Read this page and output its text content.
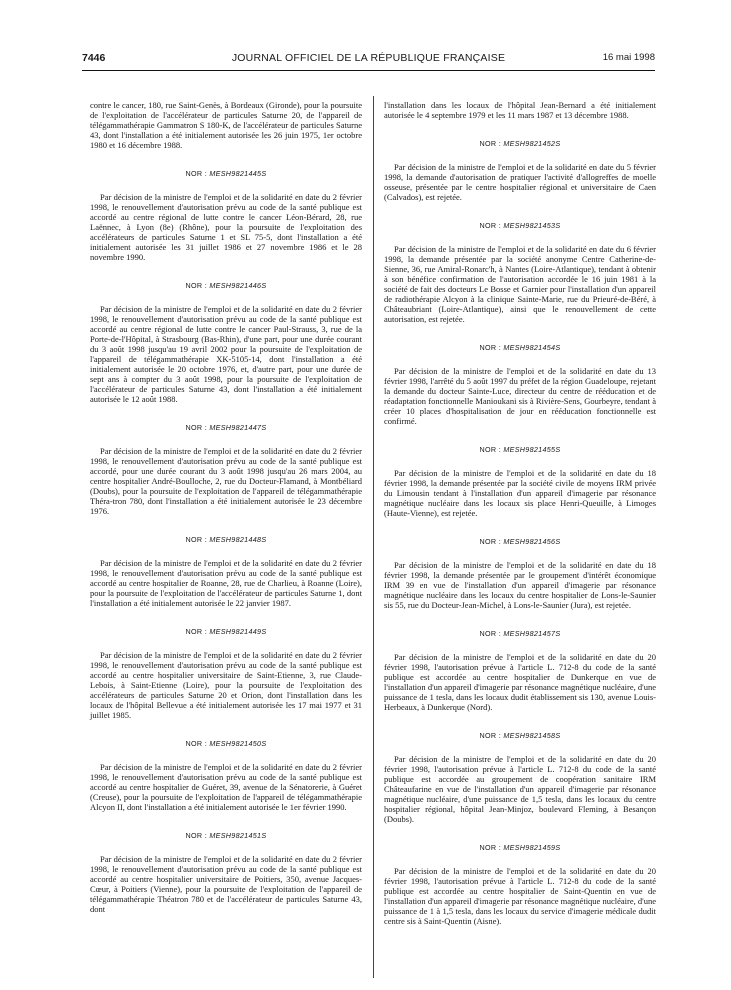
7446	JOURNAL OFFICIEL DE LA RÉPUBLIQUE FRANÇAISE	16 mai 1998

contre le cancer, 180, rue Saint-Genès, à Bordeaux (Gironde), pour la poursuite de l'exploitation de l'accélérateur de particules Saturne 20, de l'appareil de télégammathérapie Gammatron S 180-K, de l'accélérateur de particules Saturne 43, dont l'installation a été initialement autorisée les 26 juin 1975, 1er octobre 1980 et 16 décembre 1988.

NOR : MESH9821445S

Par décision de la ministre de l'emploi et de la solidarité en date du 2 février 1998, le renouvellement d'autorisation prévu au code de la santé publique est accordé au centre régional de lutte contre le cancer Léon-Bérard, 28, rue Laënnec, à Lyon (8e) (Rhône), pour la poursuite de l'exploitation des accélérateurs de particules Saturne 1 et SL 75-5, dont l'installation a été initialement autorisée les 31 juillet 1986 et 27 novembre 1986 et le 28 novembre 1990.

NOR : MESH9821446S

Par décision de la ministre de l'emploi et de la solidarité en date du 2 février 1998, le renouvellement d'autorisation prévu au code de la santé publique est accordé au centre régional de lutte contre le cancer Paul-Strauss, 3, rue de la Porte-de-l'Hôpital, à Strasbourg (Bas-Rhin), d'une part, pour une durée courant du 3 août 1998 jusqu'au 19 avril 2002 pour la poursuite de l'exploitation de l'appareil de télégammathérapie XK-5105-14, dont l'installation a été initialement autorisée le 20 octobre 1976, et, d'autre part, pour une durée de sept ans à compter du 3 août 1998, pour la poursuite de l'exploitation de l'accélérateur de particules Saturne 43, dont l'installation a été initialement autorisée le 12 août 1988.

NOR : MESH9821447S

Par décision de la ministre de l'emploi et de la solidarité en date du 2 février 1998, le renouvellement d'autorisation prévu au code de la santé publique est accordé, pour une durée courant du 3 août 1998 jusqu'au 26 mars 2004, au centre hospitalier André-Boulloche, 2, rue du Docteur-Flamand, à Montbéliard (Doubs), pour la poursuite de l'exploitation de l'appareil de télégammathérapie Théra-tron 780, dont l'installation a été initialement autorisée le 23 décembre 1976.

NOR : MESH9821448S

Par décision de la ministre de l'emploi et de la solidarité en date du 2 février 1998, le renouvellement d'autorisation prévu au code de la santé publique est accordé au centre hospitalier de Roanne, 28, rue de Charlieu, à Roanne (Loire), pour la poursuite de l'exploitation de l'accélérateur de particules Saturne 1, dont l'installation a été initialement autorisée le 22 janvier 1987.

NOR : MESH9821449S

Par décision de la ministre de l'emploi et de la solidarité en date du 2 février 1998, le renouvellement d'autorisation prévu au code de la santé publique est accordé au centre hospitalier universitaire de Saint-Etienne, 3, rue Claude-Lebois, à Saint-Etienne (Loire), pour la poursuite de l'exploitation des accélérateurs de particules Saturne 20 et Orion, dont l'installation dans les locaux de l'hôpital Bellevue a été initialement autorisée les 17 mai 1977 et 31 juillet 1985.

NOR : MESH9821450S

Par décision de la ministre de l'emploi et de la solidarité en date du 2 février 1998, le renouvellement d'autorisation prévu au code de la santé publique est accordé au centre hospitalier de Guéret, 39, avenue de la Sénatorerie, à Guéret (Creuse), pour la poursuite de l'exploitation de l'appareil de télégammathérapie Alcyon II, dont l'installation a été initialement autorisée le 1er février 1990.

NOR : MESH9821451S

Par décision de la ministre de l'emploi et de la solidarité en date du 2 février 1998, le renouvellement d'autorisation prévu au code de la santé publique est accordé au centre hospitalier universitaire de Poitiers, 350, avenue Jacques-Cœur, à Poitiers (Vienne), pour la poursuite de l'exploitation de l'appareil de télégammathérapie Théatron 780 et de l'accélérateur de particules Saturne 43, dont

l'installation dans les locaux de l'hôpital Jean-Bernard a été initialement autorisée le 4 septembre 1979 et les 11 mars 1987 et 13 décembre 1988.

NOR : MESH9821452S

Par décision de la ministre de l'emploi et de la solidarité en date du 5 février 1998, la demande d'autorisation de pratiquer l'activité d'allogreffes de moelle osseuse, présentée par le centre hospitalier régional et universitaire de Caen (Calvados), est rejetée.

NOR : MESH9821453S

Par décision de la ministre de l'emploi et de la solidarité en date du 6 février 1998, la demande présentée par la société anonyme Centre Catherine-de-Sienne, 36, rue Amiral-Ronarc'h, à Nantes (Loire-Atlantique), tendant à obtenir à son bénéfice confirmation de l'autorisation accordée le 16 juin 1981 à la société de fait des docteurs Le Bosse et Garnier pour l'installation d'un appareil de radiothérapie Alcyon à la clinique Sainte-Marie, rue du Prieuré-de-Béré, à Châteaubriant (Loire-Atlantique), ainsi que le renouvellement de cette autorisation, est rejetée.

NOR : MESH9821454S

Par décision de la ministre de l'emploi et de la solidarité en date du 13 février 1998, l'arrêté du 5 août 1997 du préfet de la région Guadeloupe, rejetant la demande du docteur Sainte-Luce, directeur du centre de rééducation et de réadaptation fonctionnelle Manioukani sis à Rivière-Sens, Gourbeyre, tendant à créer 10 places d'hospitalisation de jour en rééducation fonctionnelle est confirmé.

NOR : MESH9821455S

Par décision de la ministre de l'emploi et de la solidarité en date du 18 février 1998, la demande présentée par la société civile de moyens IRM privée du Limousin tendant à l'installation d'un appareil d'imagerie par résonance magnétique nucléaire dans les locaux sis place Henri-Queuille, à Limoges (Haute-Vienne), est rejetée.

NOR : MESH9821456S

Par décision de la ministre de l'emploi et de la solidarité en date du 18 février 1998, la demande présentée par le groupement d'intérêt économique IRM 39 en vue de l'installation d'un appareil d'imagerie par résonance magnétique nucléaire dans les locaux du centre hospitalier de Lons-le-Saunier sis 55, rue du Docteur-Jean-Michel, à Lons-le-Saunier (Jura), est rejetée.

NOR : MESH9821457S

Par décision de la ministre de l'emploi et de la solidarité en date du 20 février 1998, l'autorisation prévue à l'article L. 712-8 du code de la santé publique est accordée au centre hospitalier de Dunkerque en vue de l'installation d'un appareil d'imagerie par résonance magnétique nucléaire, d'une puissance de 1 tesla, dans les locaux dudit établissement sis 130, avenue Louis-Herbeaux, à Dunkerque (Nord).

NOR : MESH9821458S

Par décision de la ministre de l'emploi et de la solidarité en date du 20 février 1998, l'autorisation prévue à l'article L. 712-8 du code de la santé publique est accordée au groupement de coopération sanitaire IRM Châteaufarine en vue de l'installation d'un appareil d'imagerie par résonance magnétique nucléaire, d'une puissance de 1,5 tesla, dans les locaux du centre hospitalier régional, hôpital Jean-Minjoz, boulevard Fleming, à Besançon (Doubs).

NOR : MESH9821459S

Par décision de la ministre de l'emploi et de la solidarité en date du 20 février 1998, l'autorisation prévue à l'article L. 712-8 du code de la santé publique est accordée au centre hospitalier de Saint-Quentin en vue de l'installation d'un appareil d'imagerie par résonance magnétique nucléaire, d'une puissance de 1 à 1,5 tesla, dans les locaux du service d'imagerie médicale dudit centre sis à Saint-Quentin (Aisne).
